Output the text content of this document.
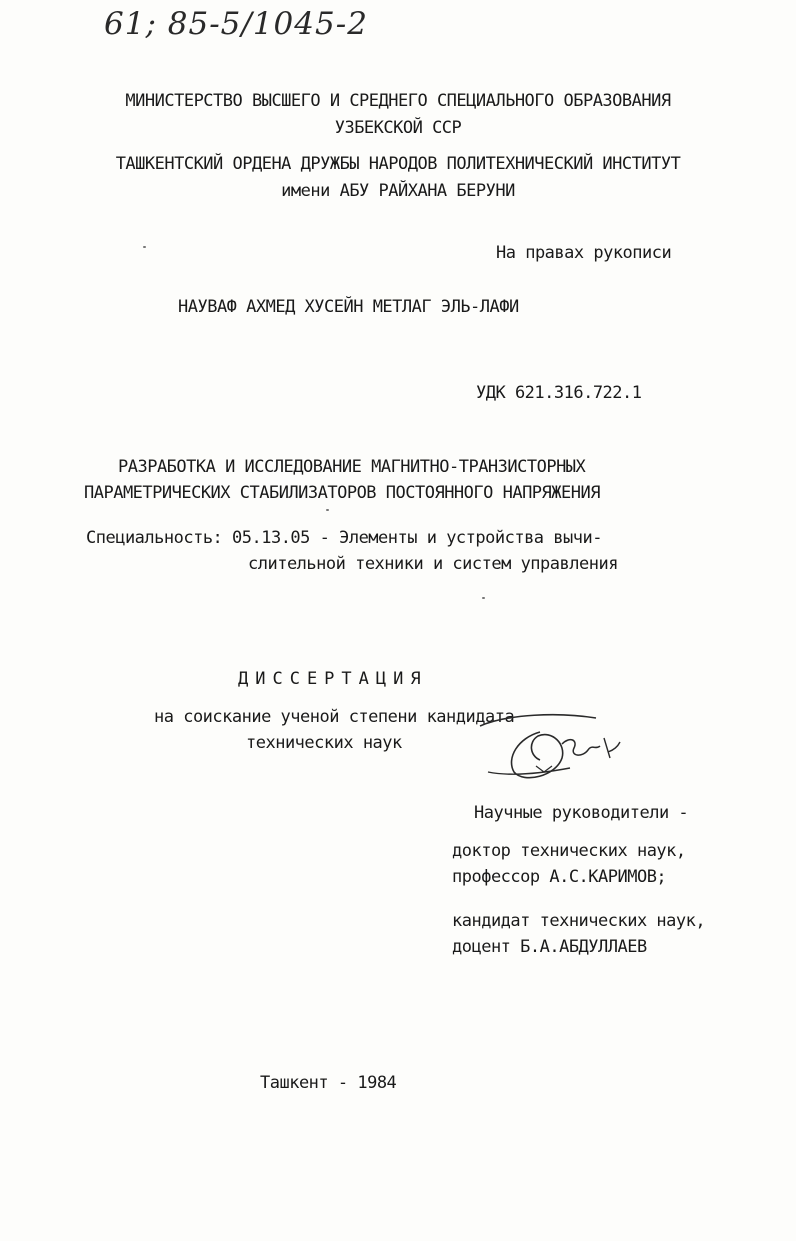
61; 85-5/1045-2
МИНИСТЕРСТВО ВЫСШЕГО И СРЕДНЕГО СПЕЦИАЛЬНОГО ОБРАЗОВАНИЯ
УЗБЕКСКОЙ ССР
ТАШКЕНТСКИЙ ОРДЕНА ДРУЖБЫ НАРОДОВ ПОЛИТЕХНИЧЕСКИЙ ИНСТИТУТ
имени АБУ РАЙХАНА БЕРУНИ
На правах рукописи
НАУВАФ АХМЕД ХУСЕЙН МЕТЛАГ ЭЛЬ-ЛАФИ
УДК 621.316.722.1
РАЗРАБОТКА И ИССЛЕДОВАНИЕ МАГНИТНО-ТРАНЗИСТОРНЫХ
ПАРАМЕТРИЧЕСКИХ СТАБИЛИЗАТОРОВ ПОСТОЯННОГО НАПРЯЖЕНИЯ
Специальность: 05.13.05 - Элементы и устройства вычи-
слительной техники и систем управления
ДИССЕРТАЦИЯ
на соискание ученой степени кандидата
технических наук
Научные руководители -
доктор технических наук,
профессор А.С.КАРИМОВ;
кандидат технических наук,
доцент Б.А.АБДУЛЛАЕВ
Ташкент - 1984
